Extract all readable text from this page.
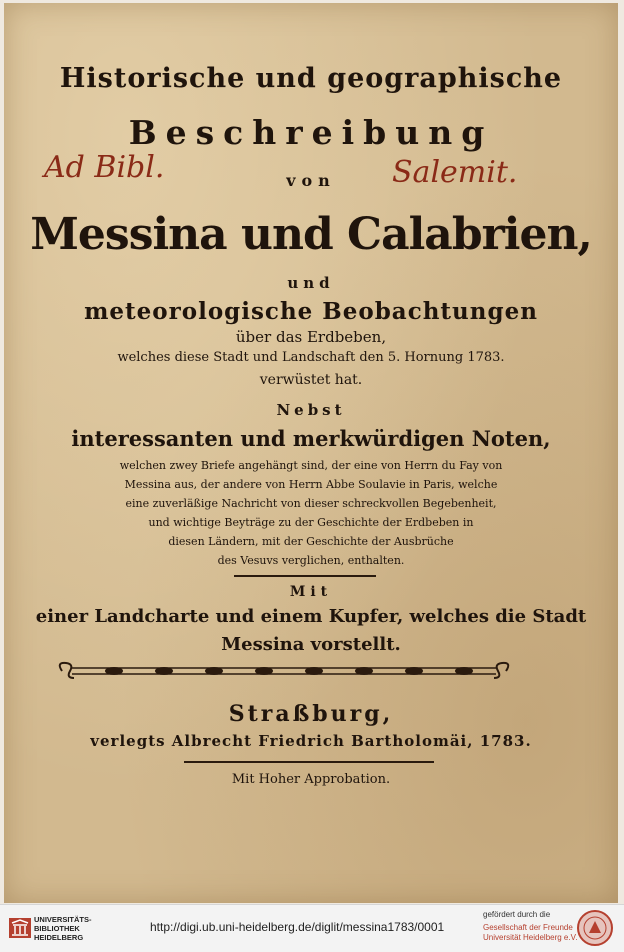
Historische und geographische
Beschreibung
von
Ad Bibl.	Salemit.
Messina und Calabrien,
und
meteorologische Beobachtungen
über das Erdbeben,
welches diese Stadt und Landschaft den 5. Hornung 1783.
verwüstet hat.
Nebst
interessanten und merkwürdigen Noten,
welchen zwey Briefe angehängt sind, der eine von Herrn du Fay von
Messina aus, der andere von Herrn Abbe Soulavie in Paris, welche
eine zuverläßige Nachricht von dieser schreckvollen Begebenheit,
und wichtige Beyträge zu der Geschichte der Erdbeben in
diesen Ländern, mit der Geschichte der Ausbrüche
des Vesuvs verglichen, enthalten.
Mit
einer Landcharte und einem Kupfer, welches die Stadt
Messina vorstellt.
Straßburg,
verlegts Albrecht Friedrich Bartholomäi, 1783.
Mit Hoher Approbation.
UNIVERSITÄTS-
BIBLIOTHEK
HEIDELBERG
http://digi.ub.uni-heidelberg.de/diglit/messina1783/0001
gefördert durch die
Gesellschaft der Freunde
Universität Heidelberg e.V.
